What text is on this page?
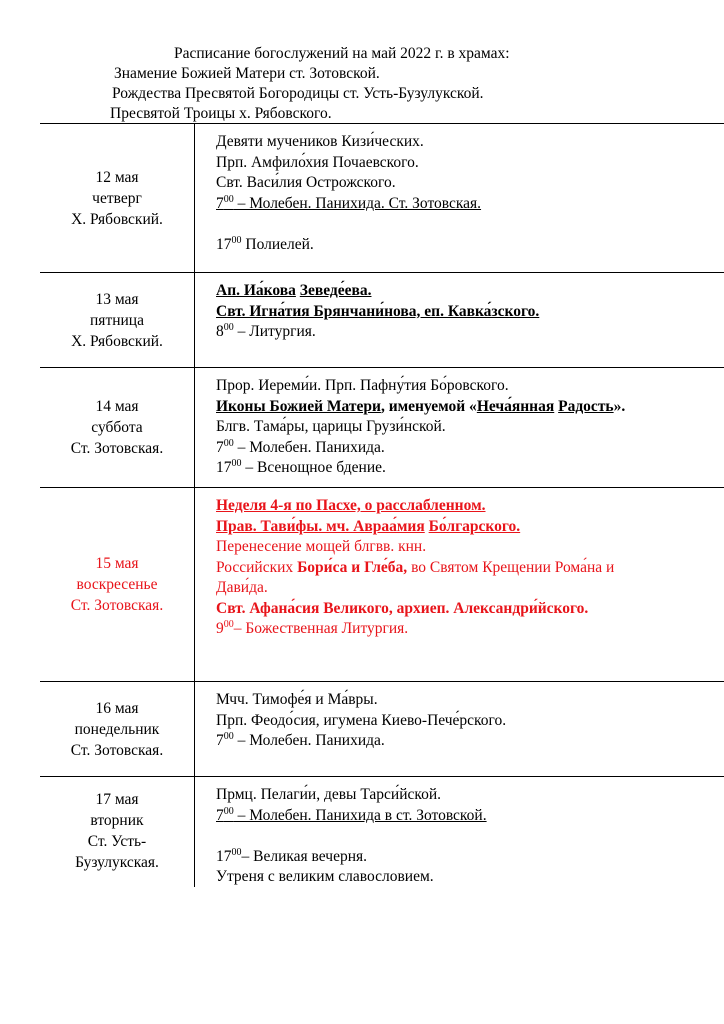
Расписание богослужений на май 2022 г. в храмах:
Знамение Божией Матери ст. Зотовской.
Рождества Пресвятой Богородицы ст. Усть-Бузулукской.
Пресвятой Троицы х. Рябовского.
12 мая
четверг
Х. Рябовский.
Девяти мучеников Кизи́ческих.
Прп. Амфило́хия Почаевского.
Свт. Васи́лия Острожского.
$7^{00}$ – Молебен. Панихида. Ст. Зотовская.
$17^{00}$ Полиелей.
13 мая
пятница
Х. Рябовский.
Ап. Иа́кова Зеведе́ева.
Свт. Игна́тия Брянчани́нова, еп. Кавка́зского.
$8^{00}$ – Литургия.
14 мая
суббота
Ст. Зотовская.
Прор. Иереми́и. Прп. Пафну́тия Бо́ровского.
Иконы Божией Матери, именуемой «Неча́янная Радость».
Блгв. Тама́ры, царицы Грузи́нской.
$7^{00}$ – Молебен. Панихида.
$17^{00}$ – Всенощное бдение.
15 мая
воскресенье
Ст. Зотовская.
Неделя 4-я по Пасхе, о расслабленном.
Прав. Тави́фы. мч. Авраа́мия Бо́лгарского.
Перенесение мощей блгвв. кнн.
Российских Бори́са и Гле́ба, во Святом Крещении Рома́на и
Дави́да.
Свт. Афана́сия Великого, архиеп. Александри́йского.
$9^{00}-$ Божественная Литургия.
16 мая
понедельник
Ст. Зотовская.
Мчч. Тимофе́я и Ма́вры.
Прп. Феодо́сия, игумена Киево-Пече́рского.
$7^{00}$ – Молебен. Панихида.
17 мая
вторник
Ст. Усть-
Бузулукская.
Прмц. Пелаги́и, девы Тарси́йской.
$7^{00}$ – Молебен. Панихида в ст. Зотовской.
$17^{00}-$ Великая вечерня.
Утреня с великим славословием.
